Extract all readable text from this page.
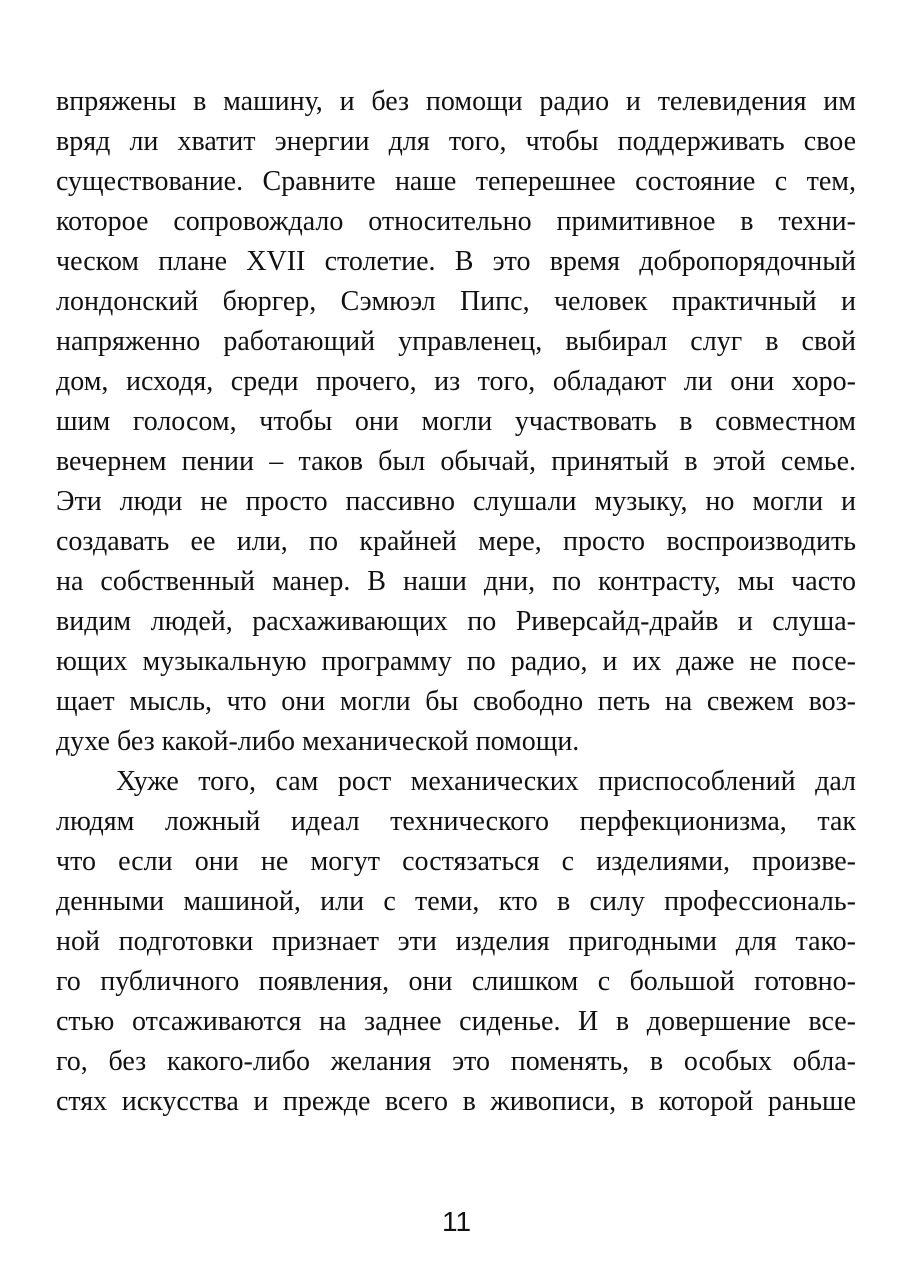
впряжены в машину, и без помощи радио и телевидения им
вряд ли хватит энергии для того, чтобы поддерживать свое
существование. Сравните наше теперешнее состояние с тем,
которое сопровождало относительно примитивное в техни-
ческом плане XVII столетие. В это время добропорядочный
лондонский бюргер, Сэмюэл Пипс, человек практичный и
напряженно работающий управленец, выбирал слуг в свой
дом, исходя, среди прочего, из того, обладают ли они хоро-
шим голосом, чтобы они могли участвовать в совместном
вечернем пении – таков был обычай, принятый в этой семье.
Эти люди не просто пассивно слушали музыку, но могли и
создавать ее или, по крайней мере, просто воспроизводить
на собственный манер. В наши дни, по контрасту, мы часто
видим людей, расхаживающих по Риверсайд-драйв и слуша-
ющих музыкальную программу по радио, и их даже не посе-
щает мысль, что они могли бы свободно петь на свежем воз-
духе без какой-либо механической помощи.
Хуже того, сам рост механических приспособлений дал
людям ложный идеал технического перфекционизма, так
что если они не могут состязаться с изделиями, произве-
денными машиной, или с теми, кто в силу профессиональ-
ной подготовки признает эти изделия пригодными для тако-
го публичного появления, они слишком с большой готовно-
стью отсаживаются на заднее сиденье. И в довершение все-
го, без какого-либо желания это поменять, в особых обла-
стях искусства и прежде всего в живописи, в которой раньше
11
